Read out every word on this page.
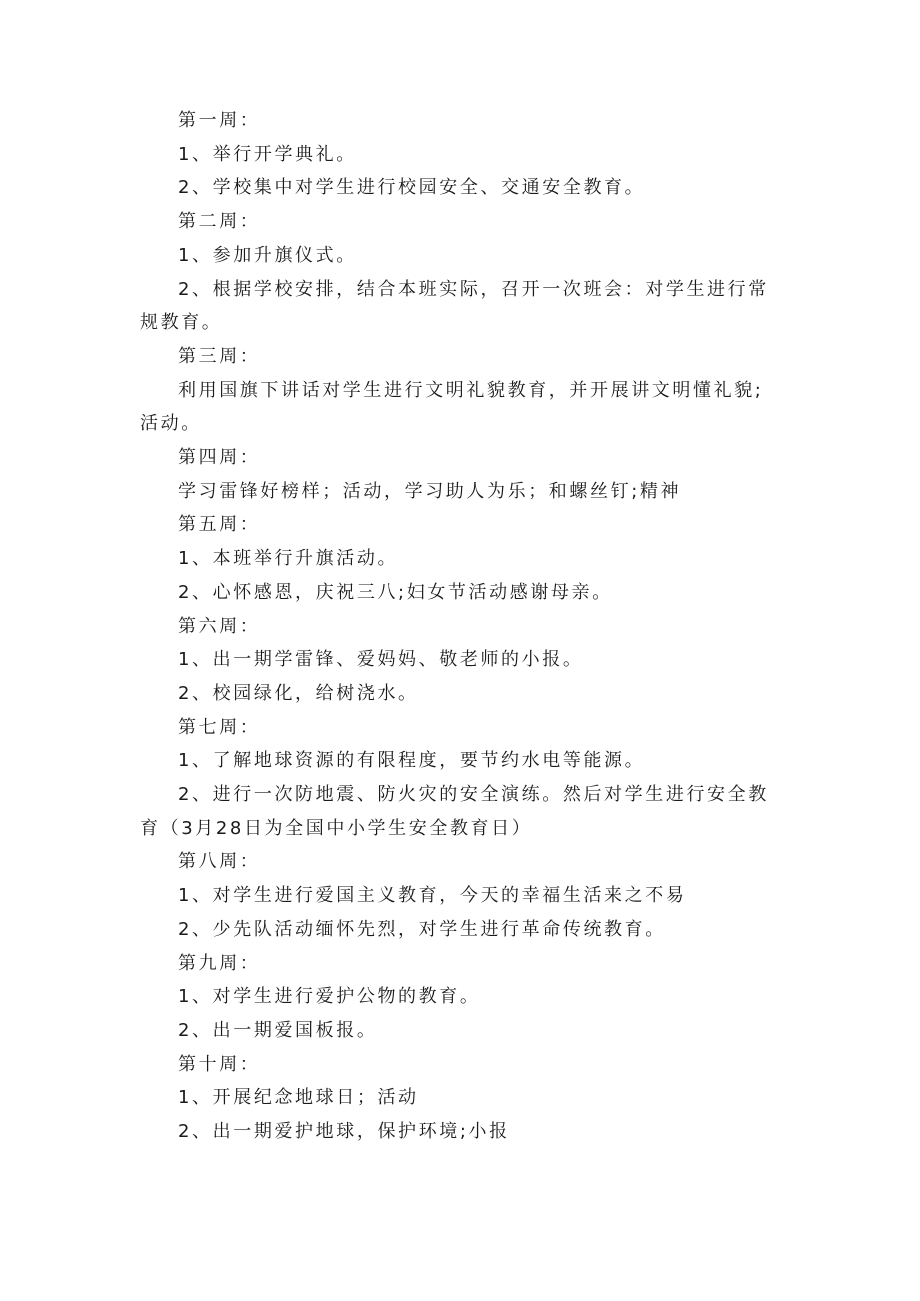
第一周：

1、举行开学典礼。

2、学校集中对学生进行校园安全、交通安全教育。

第二周：

1、参加升旗仪式。

2、根据学校安排，结合本班实际，召开一次班会：对学生进行常规教育。

第三周：

利用国旗下讲话对学生进行文明礼貌教育，并开展讲文明懂礼貌;活动。

第四周：

学习雷锋好榜样；活动，学习助人为乐；和螺丝钉;精神

第五周：

1、本班举行升旗活动。

2、心怀感恩，庆祝三八;妇女节活动感谢母亲。

第六周：

1、出一期学雷锋、爱妈妈、敬老师的小报。

2、校园绿化，给树浇水。

第七周：

1、了解地球资源的有限程度，要节约水电等能源。

2、进行一次防地震、防火灾的安全演练。然后对学生进行安全教育（3月28日为全国中小学生安全教育日）

第八周：

1、对学生进行爱国主义教育，今天的幸福生活来之不易

2、少先队活动缅怀先烈，对学生进行革命传统教育。

第九周：

1、对学生进行爱护公物的教育。

2、出一期爱国板报。

第十周：

1、开展纪念地球日；活动

2、出一期爱护地球，保护环境;小报
